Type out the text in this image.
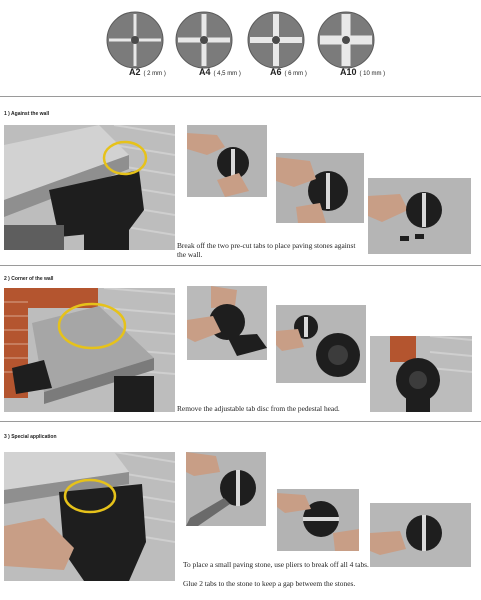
A2 ( 2 mm )	A4 ( 4,5 mm )	A6 ( 6 mm )	A10 ( 10 mm )
1 ) Against the wall
Break off the two pre-cut tabs to place paving stones against the wall.
2 ) Corner of the wall
Remove the adjustable tab disc from the pedestal head.
3 ) Special application
To place a small paving stone, use pliers to break off all 4 tabs.
Glue 2 tabs to the stone to keep a gap betweem the stones.
